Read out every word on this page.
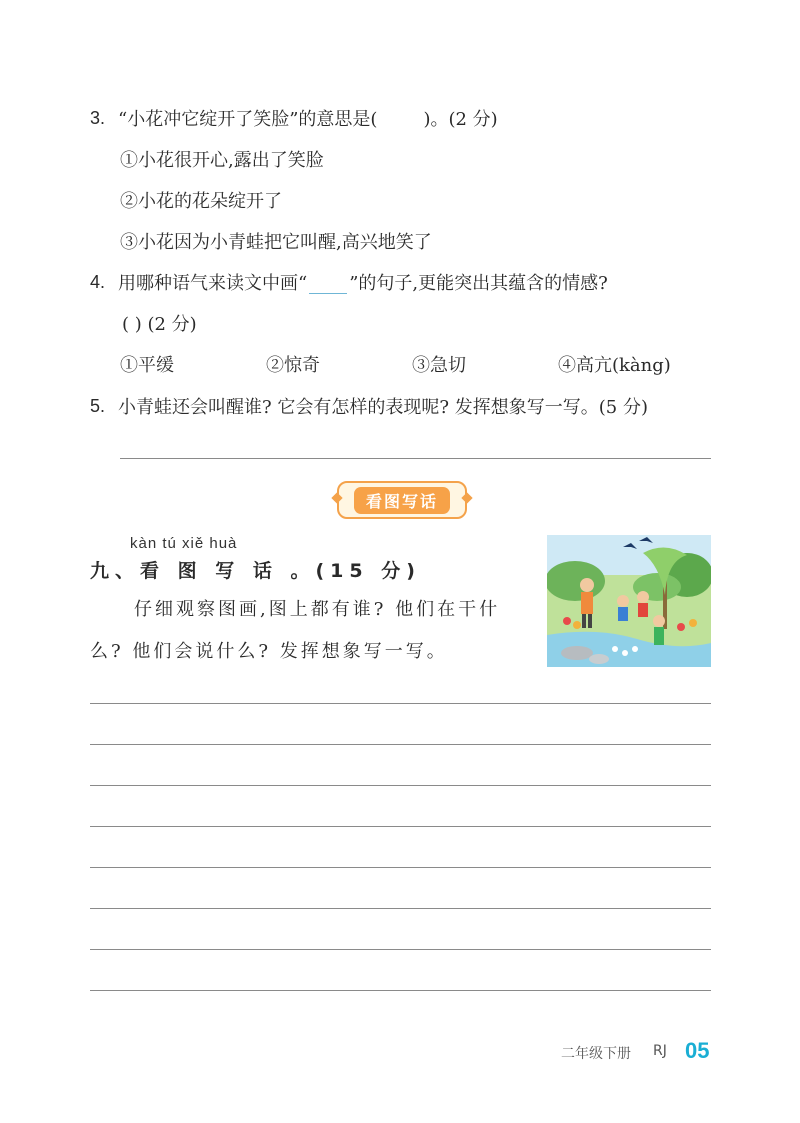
3. “小花冲它绽开了笑脸”的意思是(	)。(2 分)
①小花很开心,露出了笑脸
②小花的花朵绽开了
③小花因为小青蛙把它叫醒,高兴地笑了
4. 用哪种语气来读文中画“ ”的句子,更能突出其蕴含的情感?
( ) (2 分)
①平缓	②惊奇	③急切	④高亢(kàng)
5. 小青蛙还会叫醒谁? 它会有怎样的表现呢? 发挥想象写一写。(5 分)
看图写话
kàn tú xiě huà
九、看 图 写 话 。(15 分)
仔细观察图画,图上都有谁? 他们在干什
么? 他们会说什么? 发挥想象写一写。
二年级下册 RJ 05
